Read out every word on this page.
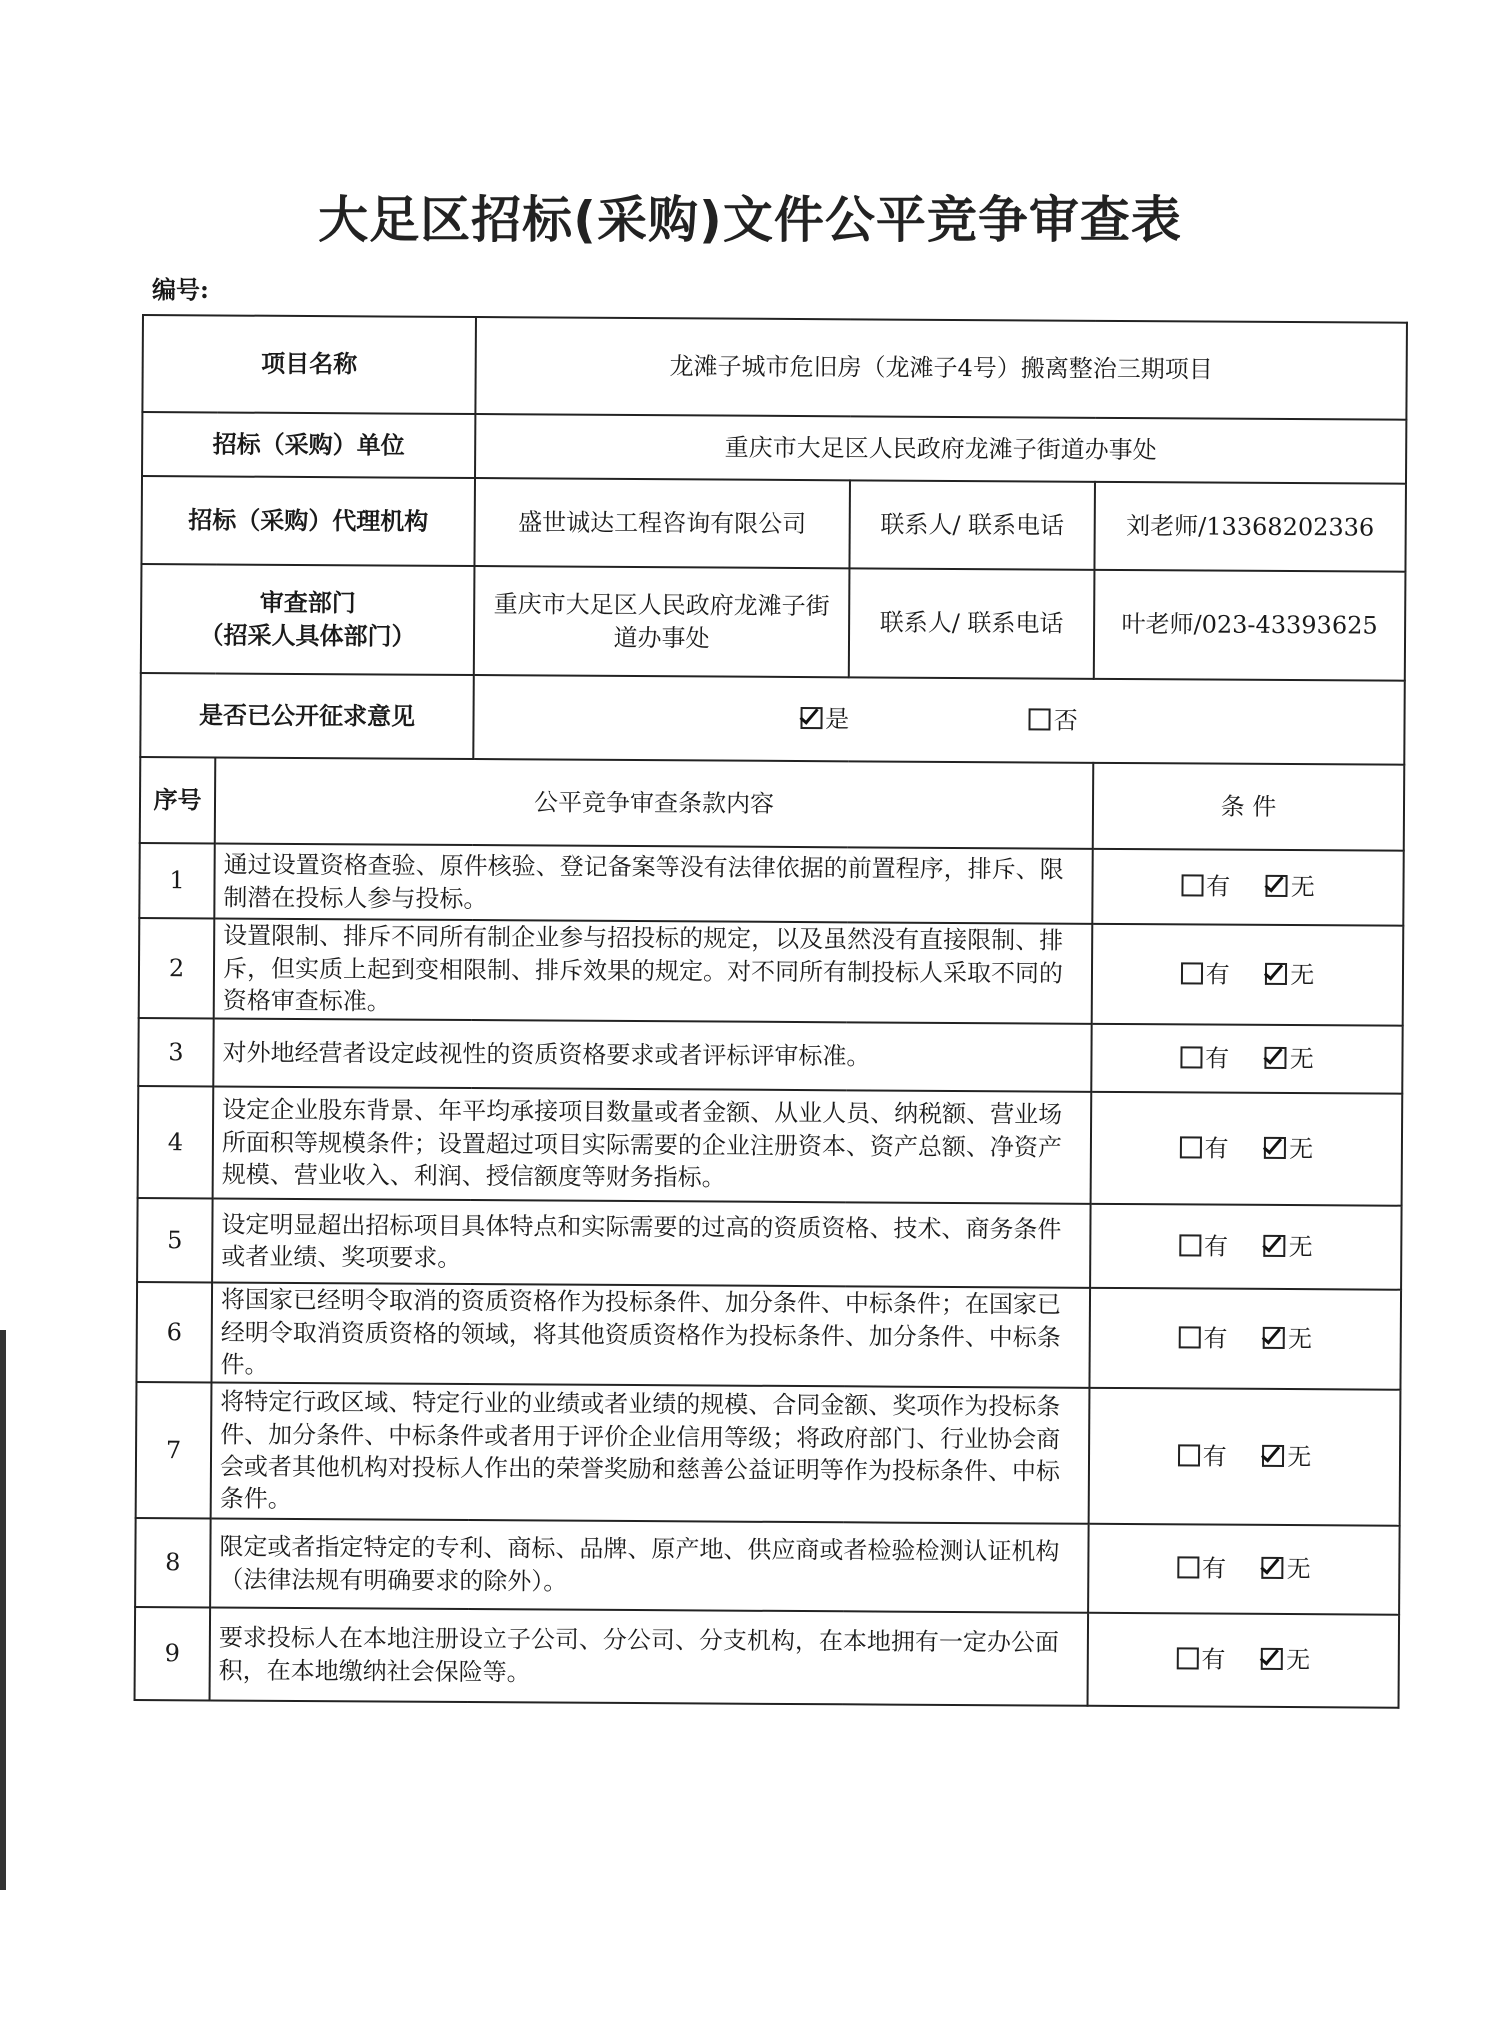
大足区招标(采购)文件公平竞争审查表
编号:
项目名称		龙滩子城市危旧房（龙滩子4号）搬离整治三期项目		
招标（采购）单位		重庆市大足区人民政府龙滩子街道办事处		
招标（采购）代理机构		盛世诚达工程咨询有限公司	联系人/ 联系电话	刘老师/13368202336

审查部门
（招采人具体部门）		重庆市大足区人民政府龙滩子街道办事处	联系人/ 联系电话	叶老师/023-43393625
是否已公开征求意见		是 否		
序号	公平竞争审查条款内容			条 件
1	通过设置资格查验、原件核验、登记备案等没有法律依据的前置程序，排斥、限制潜在投标人参与投标。			有 无
2	设置限制、排斥不同所有制企业参与招投标的规定，以及虽然没有直接限制、排斥，但实质上起到变相限制、排斥效果的规定。对不同所有制投标人采取不同的资格审查标准。			有 无
3	对外地经营者设定歧视性的资质资格要求或者评标评审标准。			有 无
4	设定企业股东背景、年平均承接项目数量或者金额、从业人员、纳税额、营业场所面积等规模条件；设置超过项目实际需要的企业注册资本、资产总额、净资产规模、营业收入、利润、授信额度等财务指标。			有 无
5	设定明显超出招标项目具体特点和实际需要的过高的资质资格、技术、商务条件或者业绩、奖项要求。			有 无
6	将国家已经明令取消的资质资格作为投标条件、加分条件、中标条件；在国家已经明令取消资质资格的领域，将其他资质资格作为投标条件、加分条件、中标条件。			有 无
7	将特定行政区域、特定行业的业绩或者业绩的规模、合同金额、奖项作为投标条件、加分条件、中标条件或者用于评价企业信用等级；将政府部门、行业协会商会或者其他机构对投标人作出的荣誉奖励和慈善公益证明等作为投标条件、中标条件。			有 无
8	限定或者指定特定的专利、商标、品牌、原产地、供应商或者检验检测认证机构（法律法规有明确要求的除外）。			有 无
9	要求投标人在本地注册设立子公司、分公司、分支机构，在本地拥有一定办公面积，在本地缴纳社会保险等。			有 无
